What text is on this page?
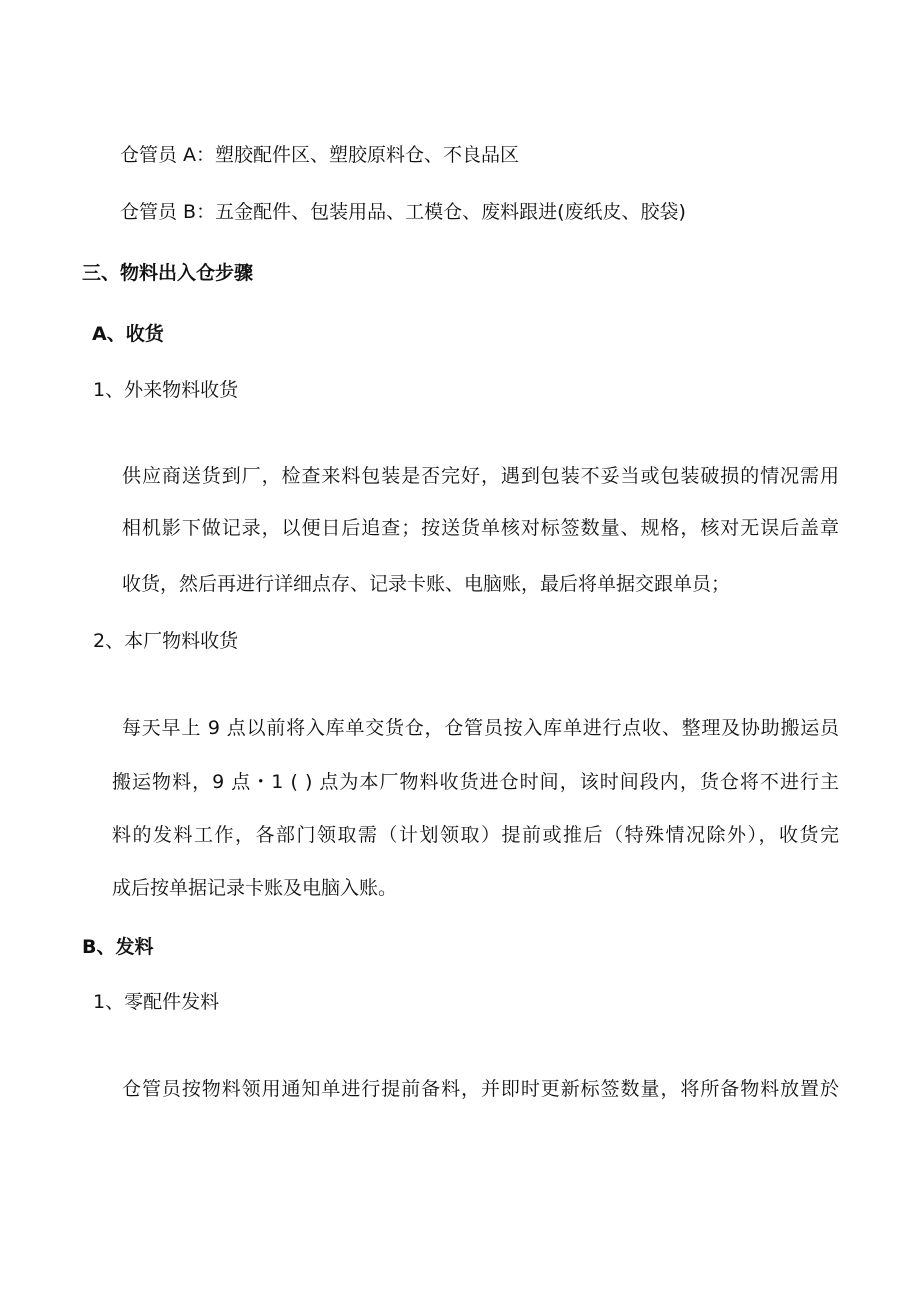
仓管员 A：塑胶配件区、塑胶原料仓、不良品区
仓管员 B：五金配件、包装用品、工模仓、废料跟进(废纸皮、胶袋)
三、物料出入仓步骤
A、收货
1、外来物料收货
供应商送货到厂，检查来料包装是否完好，遇到包装不妥当或包装破损的情况需用
相机影下做记录，以便日后追查；按送货单核对标签数量、规格，核对无误后盖章
收货，然后再进行详细点存、记录卡账、电脑账，最后将单据交跟单员；
2、本厂物料收货
每天早上 9 点以前将入库单交货仓，仓管员按入库单进行点收、整理及协助搬运员
搬运物料，9 点・1 ( ) 点为本厂物料收货进仓时间，该时间段内，货仓将不进行主
料的发料工作，各部门领取需（计划领取）提前或推后（特殊情况除外），收货完
成后按单据记录卡账及电脑入账。
B、发料
1、零配件发料
仓管员按物料领用通知单进行提前备料，并即时更新标签数量，将所备物料放置於
